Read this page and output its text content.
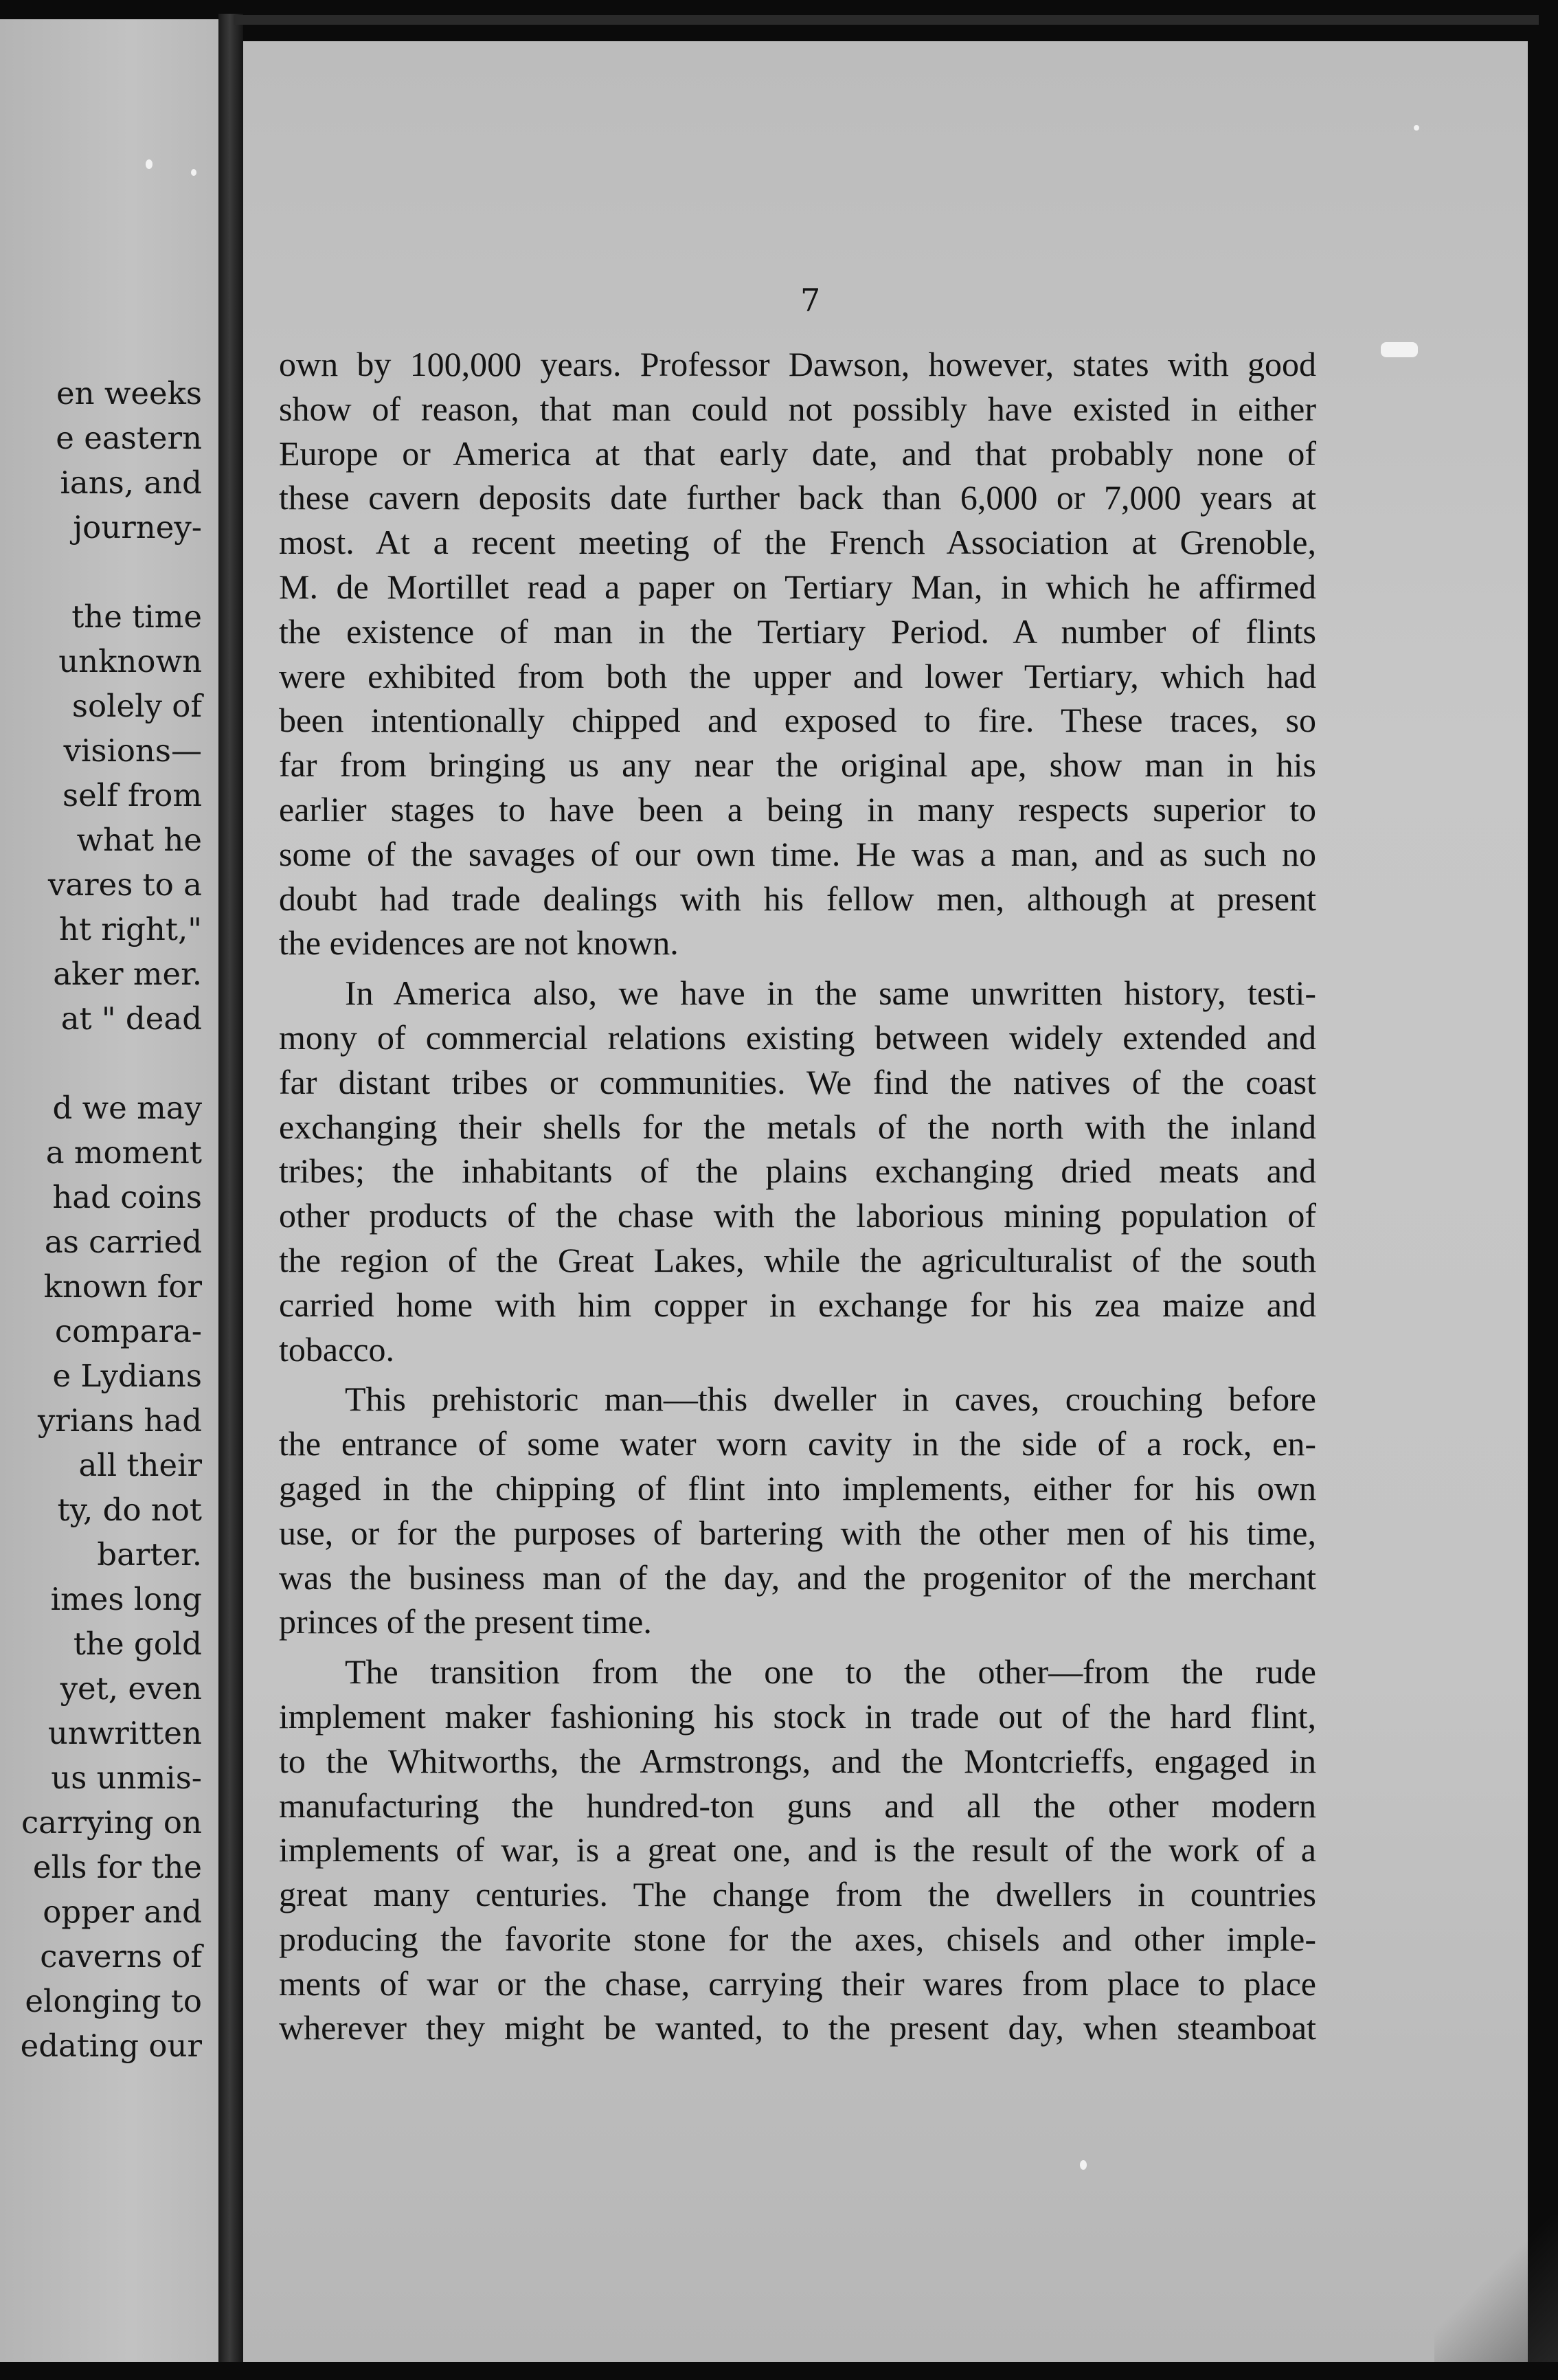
en weeks
e eastern
ians, and
journey-
the time
unknown
solely of
visions—
self from
what he
vares to a
ht right,"
aker mer.
at " dead
d we may
a moment
had coins
as carried
known for
compara-
e Lydians
yrians had
all their
ty, do not
barter.
imes long
the gold
yet, even
unwritten
us unmis-
carrying on
ells for the
opper and
caverns of
elonging to
edating our
7
own by 100,000 years. Professor Dawson, however, states with good
show of reason, that man could not possibly have existed in either
Europe or America at that early date, and that probably none of
these cavern deposits date further back than 6,000 or 7,000 years at
most. At a recent meeting of the French Association at Grenoble,
M. de Mortillet read a paper on Tertiary Man, in which he affirmed
the existence of man in the Tertiary Period. A number of flints
were exhibited from both the upper and lower Tertiary, which had
been intentionally chipped and exposed to fire. These traces, so
far from bringing us any near the original ape, show man in his
earlier stages to have been a being in many respects superior to
some of the savages of our own time. He was a man, and as such no
doubt had trade dealings with his fellow men, although at present
the evidences are not known.
In America also, we have in the same unwritten history, testi-
mony of commercial relations existing between widely extended and
far distant tribes or communities. We find the natives of the coast
exchanging their shells for the metals of the north with the inland
tribes; the inhabitants of the plains exchanging dried meats and
other products of the chase with the laborious mining population of
the region of the Great Lakes, while the agriculturalist of the south
carried home with him copper in exchange for his zea maize and
tobacco.
This prehistoric man—this dweller in caves, crouching before
the entrance of some water worn cavity in the side of a rock, en-
gaged in the chipping of flint into implements, either for his own
use, or for the purposes of bartering with the other men of his time,
was the business man of the day, and the progenitor of the merchant
princes of the present time.
The transition from the one to the other—from the rude
implement maker fashioning his stock in trade out of the hard flint,
to the Whitworths, the Armstrongs, and the Montcrieffs, engaged in
manufacturing the hundred-ton guns and all the other modern
implements of war, is a great one, and is the result of the work of a
great many centuries. The change from the dwellers in countries
producing the favorite stone for the axes, chisels and other imple-
ments of war or the chase, carrying their wares from place to place
wherever they might be wanted, to the present day, when steamboat
